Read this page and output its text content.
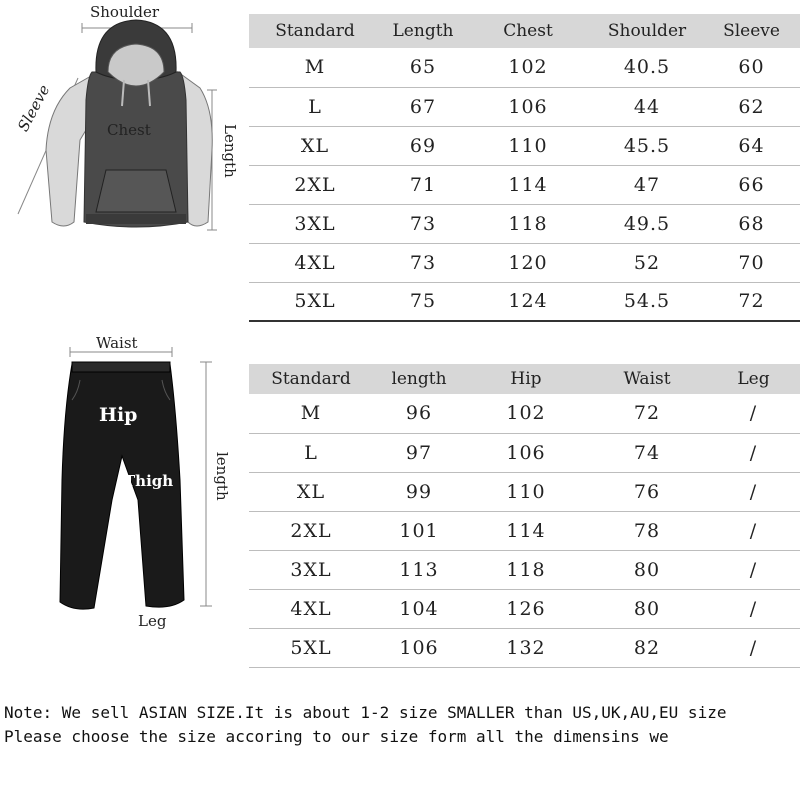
Shoulder
Sleeve	Chest	Length
Standard	Length	Chest	Shoulder	Sleeve
M	65	102	40.5	60
L	67	106	44	62
XL	69	110	45.5	64
2XL	71	114	47	66
3XL	73	118	49.5	68
4XL	73	120	52	70
5XL	75	124	54.5	72
Waist
Hip
Thigh	length
Leg
Standard	length	Hip	Waist	Leg
M	96	102	72	/
L	97	106	74	/
XL	99	110	76	/
2XL	101	114	78	/
3XL	113	118	80	/
4XL	104	126	80	/
5XL	106	132	82	/
Note: We sell ASIAN SIZE.It is about 1-2 size SMALLER than US,UK,AU,EU size
Please choose the size accoring to our size form all the dimensins we
